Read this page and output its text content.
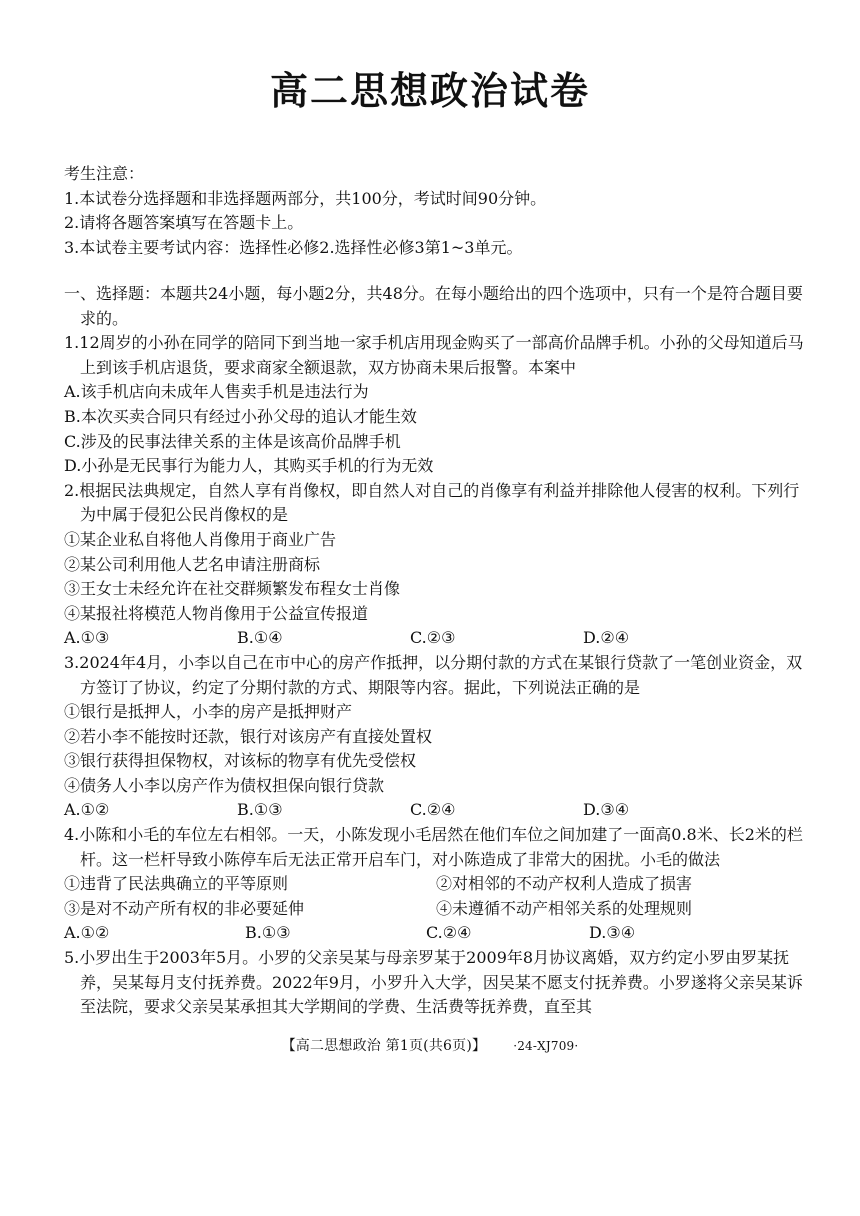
高二思想政治试卷
考生注意：
1.本试卷分选择题和非选择题两部分，共100分，考试时间90分钟。
2.请将各题答案填写在答题卡上。
3.本试卷主要考试内容：选择性必修2.选择性必修3第1~3单元。
一、选择题：本题共24小题，每小题2分，共48分。在每小题给出的四个选项中，只有一个是符合题目要求的。
1.12周岁的小孙在同学的陪同下到当地一家手机店用现金购买了一部高价品牌手机。小孙的父母知道后马上到该手机店退货，要求商家全额退款，双方协商未果后报警。本案中
A.该手机店向未成年人售卖手机是违法行为
B.本次买卖合同只有经过小孙父母的追认才能生效
C.涉及的民事法律关系的主体是该高价品牌手机
D.小孙是无民事行为能力人，其购买手机的行为无效
2.根据民法典规定，自然人享有肖像权，即自然人对自己的肖像享有利益并排除他人侵害的权利。下列行为中属于侵犯公民肖像权的是
①某企业私自将他人肖像用于商业广告
②某公司利用他人艺名申请注册商标
③王女士未经允许在社交群频繁发布程女士肖像
④某报社将模范人物肖像用于公益宣传报道
A.①③	B.①④	C.②③	D.②④
3.2024年4月，小李以自己在市中心的房产作抵押，以分期付款的方式在某银行贷款了一笔创业资金，双方签订了协议，约定了分期付款的方式、期限等内容。据此，下列说法正确的是
①银行是抵押人，小李的房产是抵押财产
②若小李不能按时还款，银行对该房产有直接处置权
③银行获得担保物权，对该标的物享有优先受偿权
④债务人小李以房产作为债权担保向银行贷款
A.①②	B.①③	C.②④	D.③④
4.小陈和小毛的车位左右相邻。一天，小陈发现小毛居然在他们车位之间加建了一面高0.8米、长2米的栏杆。这一栏杆导致小陈停车后无法正常开启车门，对小陈造成了非常大的困扰。小毛的做法
①违背了民法典确立的平等原则	②对相邻的不动产权利人造成了损害
③是对不动产所有权的非必要延伸	④未遵循不动产相邻关系的处理规则
A.①②	B.①③	C.②④	D.③④
5.小罗出生于2003年5月。小罗的父亲吴某与母亲罗某于2009年8月协议离婚，双方约定小罗由罗某抚养，吴某每月支付抚养费。2022年9月，小罗升入大学，因吴某不愿支付抚养费。小罗遂将父亲吴某诉至法院，要求父亲吴某承担其大学期间的学费、生活费等抚养费，直至其
【高二思想政治 第1页(共6页)】	·24-XJ709·
